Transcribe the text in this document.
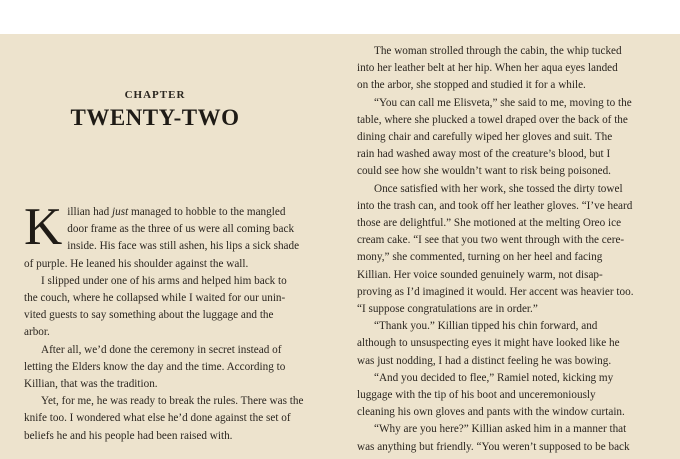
CHAPTER
TWENTY-TWO

K illian had just managed to hobble to the mangled
door frame as the three of us were all coming back
inside. His face was still ashen, his lips a sick shade
of purple. He leaned his shoulder against the wall.

I slipped under one of his arms and helped him back to
the couch, where he collapsed while I waited for our unin-
vited guests to say something about the luggage and the
arbor.

After all, we’d done the ceremony in secret instead of
letting the Elders know the day and the time. According to
Killian, that was the tradition.

Yet, for me, he was ready to break the rules. There was the
knife too. I wondered what else he’d done against the set of
beliefs he and his people had been raised with.

The woman strolled through the cabin, the whip tucked
into her leather belt at her hip. When her aqua eyes landed
on the arbor, she stopped and studied it for a while.
“You can call me Elisveta,” she said to me, moving to the
table, where she plucked a towel draped over the back of the
dining chair and carefully wiped her gloves and suit. The
rain had washed away most of the creature’s blood, but I
could see how she wouldn’t want to risk being poisoned.
Once satisfied with her work, she tossed the dirty towel
into the trash can, and took off her leather gloves. “I’ve heard
those are delightful.” She motioned at the melting Oreo ice
cream cake. “I see that you two went through with the cere-
mony,” she commented, turning on her heel and facing
Killian. Her voice sounded genuinely warm, not disap-
proving as I’d imagined it would. Her accent was heavier too.
“I suppose congratulations are in order.”
“Thank you.” Killian tipped his chin forward, and
although to unsuspecting eyes it might have looked like he
was just nodding, I had a distinct feeling he was bowing.
“And you decided to flee,” Ramiel noted, kicking my
luggage with the tip of his boot and unceremoniously
cleaning his own gloves and pants with the window curtain.
“Why are you here?” Killian asked him in a manner that
was anything but friendly. “You weren’t supposed to be back
